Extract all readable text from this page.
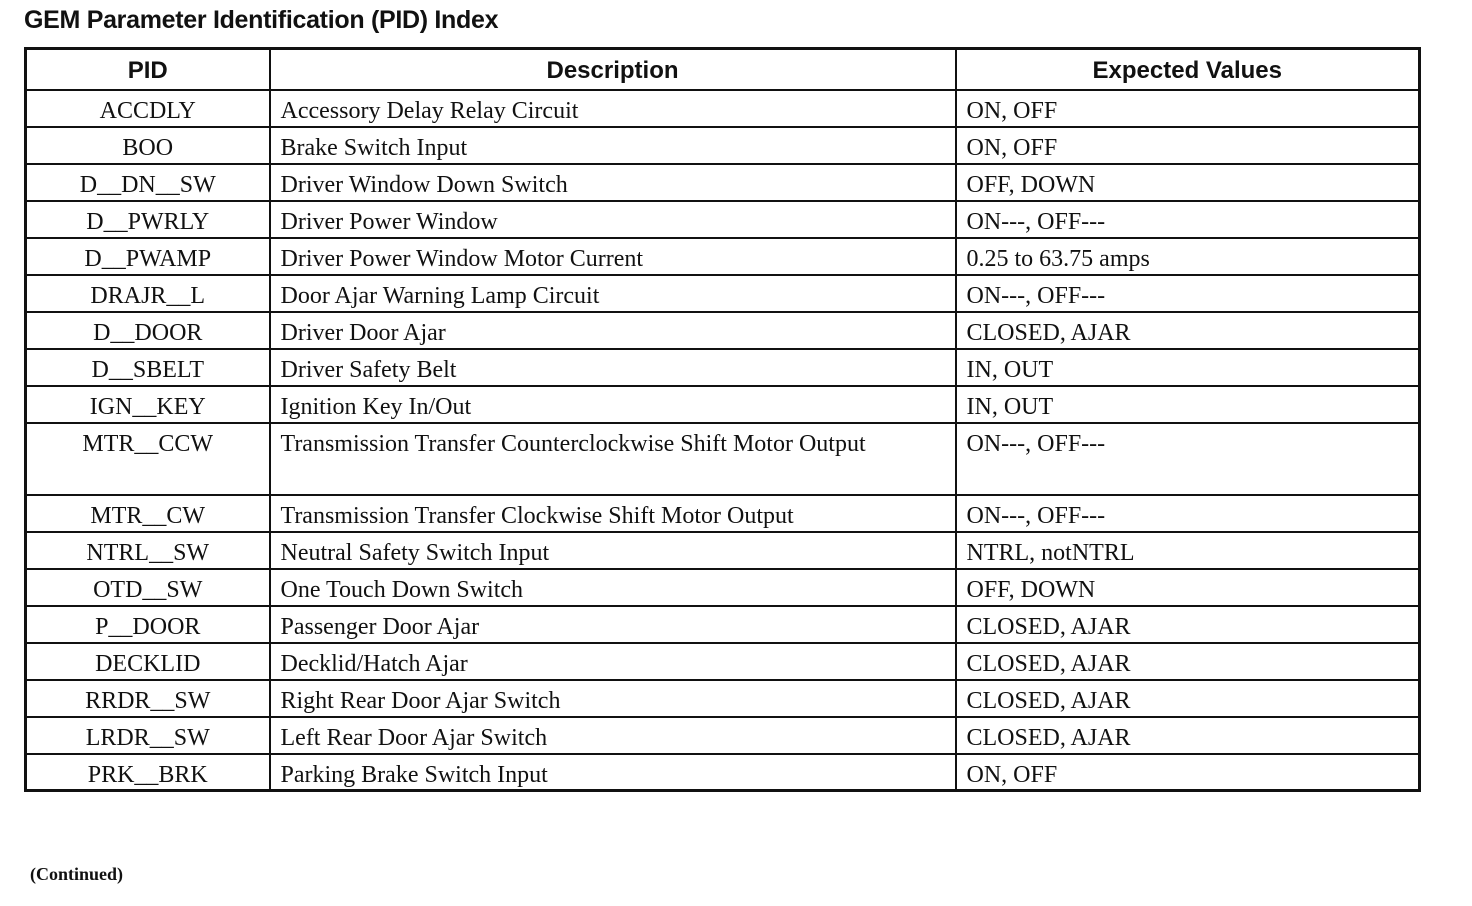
GEM Parameter Identification (PID) Index
PID	Description	Expected Values
ACCDLY	Accessory Delay Relay Circuit	ON, OFF
BOO	Brake Switch Input	ON, OFF
D__DN__SW	Driver Window Down Switch	OFF, DOWN
D__PWRLY	Driver Power Window	ON---, OFF---
D__PWAMP	Driver Power Window Motor Current	0.25 to 63.75 amps
DRAJR__L	Door Ajar Warning Lamp Circuit	ON---, OFF---
D__DOOR	Driver Door Ajar	CLOSED, AJAR
D__SBELT	Driver Safety Belt	IN, OUT
IGN__KEY	Ignition Key In/Out	IN, OUT
MTR__CCW	Transmission Transfer Counterclockwise Shift Motor Output	ON---, OFF---
MTR__CW	Transmission Transfer Clockwise Shift Motor Output	ON---, OFF---
NTRL__SW	Neutral Safety Switch Input	NTRL, notNTRL
OTD__SW	One Touch Down Switch	OFF, DOWN
P__DOOR	Passenger Door Ajar	CLOSED, AJAR
DECKLID	Decklid/Hatch Ajar	CLOSED, AJAR
RRDR__SW	Right Rear Door Ajar Switch	CLOSED, AJAR
LRDR__SW	Left Rear Door Ajar Switch	CLOSED, AJAR
PRK__BRK	Parking Brake Switch Input	ON, OFF
(Continued)
